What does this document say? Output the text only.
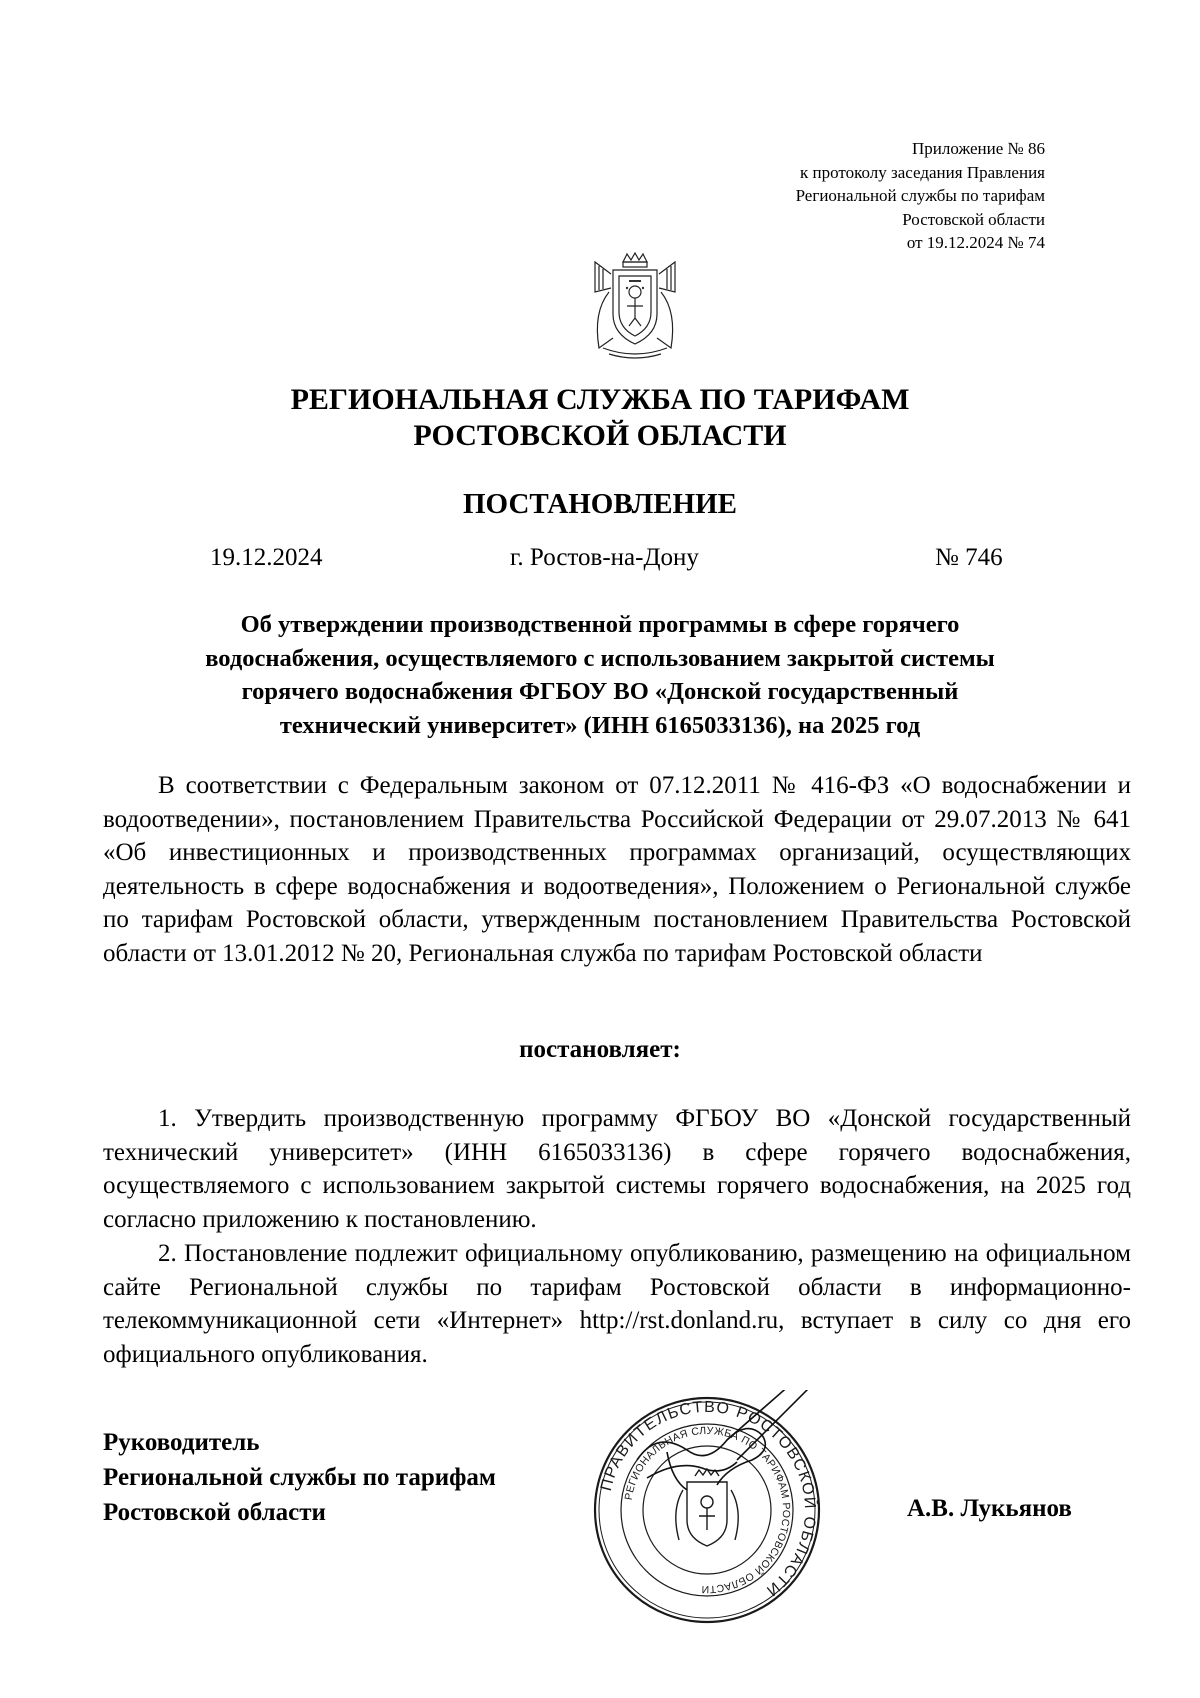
Приложение № 86
к протоколу заседания Правления
Региональной службы по тарифам
Ростовской области
от 19.12.2024 № 74
РЕГИОНАЛЬНАЯ СЛУЖБА ПО ТАРИФАМ
РОСТОВСКОЙ ОБЛАСТИ
ПОСТАНОВЛЕНИЕ
19.12.2024	г. Ростов-на-Дону	№ 746
Об утверждении производственной программы в сфере горячего
водоснабжения, осуществляемого с использованием закрытой системы
горячего водоснабжения ФГБОУ ВО «Донской государственный
технический университет» (ИНН 6165033136), на 2025 год
В соответствии с Федеральным законом от 07.12.2011 № 416-ФЗ «О водоснабжении и водоотведении», постановлением Правительства Российской Федерации от 29.07.2013 № 641 «Об инвестиционных и производственных программах организаций, осуществляющих деятельность в сфере водоснабжения и водоотведения», Положением о Региональной службе по тарифам Ростовской области, утвержденным постановлением Правительства Ростовской области от 13.01.2012 № 20, Региональная служба по тарифам Ростовской области
постановляет:
1. Утвердить производственную программу ФГБОУ ВО «Донской государственный технический университет» (ИНН 6165033136) в сфере горячего водоснабжения, осуществляемого с использованием закрытой системы горячего водоснабжения, на 2025 год согласно приложению к постановлению.
2. Постановление подлежит официальному опубликованию, размещению на официальном сайте Региональной службы по тарифам Ростовской области в информационно-телекоммуникационной сети «Интернет» http://rst.donland.ru, вступает в силу со дня его официального опубликования.
Руководитель
Региональной службы по тарифам
Ростовской области	А.В. Лукьянов
ПРАВИТЕЛЬСТВО РОСТОВСКОЙ ОБЛАСТИ
РЕГИОНАЛЬНАЯ СЛУЖБА ПО ТАРИФАМ РОСТОВСКОЙ ОБЛАСТИ
